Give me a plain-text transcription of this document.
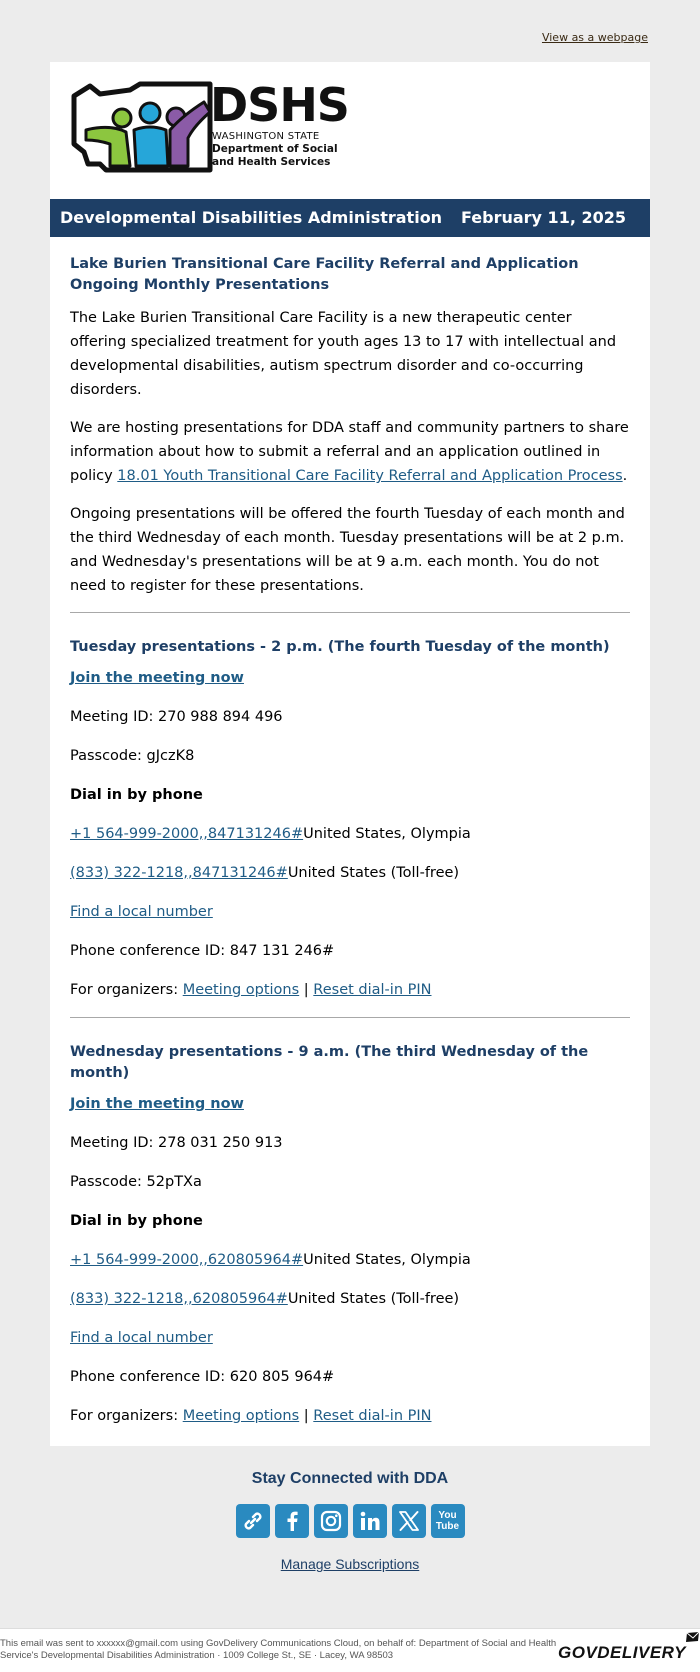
View as a webpage
DSHS
WASHINGTON STATE
Department of Social
and Health Services
Developmental Disabilities Administration February 11, 2025
Lake Burien Transitional Care Facility Referral and Application Ongoing Monthly Presentations

The Lake Burien Transitional Care Facility is a new therapeutic center offering specialized treatment for youth ages 13 to 17 with intellectual and developmental disabilities, autism spectrum disorder and co-occurring disorders.

We are hosting presentations for DDA staff and community partners to share information about how to submit a referral and an application outlined in policy 18.01 Youth Transitional Care Facility Referral and Application Process.

Ongoing presentations will be offered the fourth Tuesday of each month and the third Wednesday of each month. Tuesday presentations will be at 2 p.m. and Wednesday's presentations will be at 9 a.m. each month. You do not need to register for these presentations.

Tuesday presentations - 2 p.m. (The fourth Tuesday of the month)
Join the meeting now
Meeting ID: 270 988 894 496
Passcode: gJczK8
Dial in by phone
+1 564-999-2000,,847131246#United States, Olympia
(833) 322-1218,,847131246#United States (Toll-free)
Find a local number
Phone conference ID: 847 131 246#
For organizers: Meeting options | Reset dial-in PIN
Wednesday presentations - 9 a.m. (The third Wednesday of the month)
Join the meeting now
Meeting ID: 278 031 250 913
Passcode: 52pTXa
Dial in by phone
+1 564-999-2000,,620805964#United States, Olympia
(833) 322-1218,,620805964#United States (Toll-free)
Find a local number
Phone conference ID: 620 805 964#
For organizers: Meeting options | Reset dial-in PIN
Stay Connected with DDA
You Tube
Manage Subscriptions
This email was sent to xxxxxx@gmail.com using GovDelivery Communications Cloud, on behalf of: Department of Social and Health Service's Developmental Disabilities Administration · 1009 College St., SE · Lacey, WA 98503	GOVDELIVERY
